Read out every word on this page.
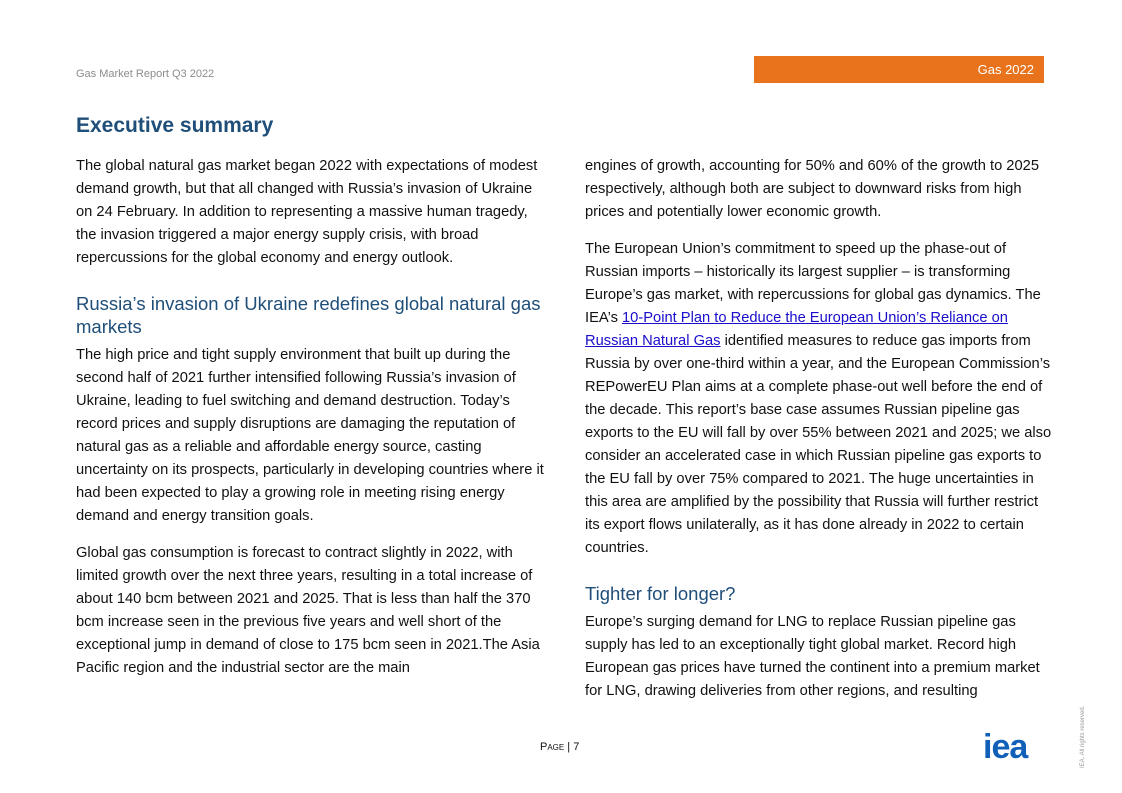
Gas Market Report Q3 2022	Gas 2022
Executive summary

The global natural gas market began 2022 with expectations of modest demand growth, but that all changed with Russia’s invasion of Ukraine on 24 February. In addition to representing a massive human tragedy, the invasion triggered a major energy supply crisis, with broad repercussions for the global economy and energy outlook.

Russia’s invasion of Ukraine redefines global natural gas markets

The high price and tight supply environment that built up during the second half of 2021 further intensified following Russia’s invasion of Ukraine, leading to fuel switching and demand destruction. Today’s record prices and supply disruptions are damaging the reputation of natural gas as a reliable and affordable energy source, casting uncertainty on its prospects, particularly in developing countries where it had been expected to play a growing role in meeting rising energy demand and energy transition goals.

Global gas consumption is forecast to contract slightly in 2022, with limited growth over the next three years, resulting in a total increase of about 140 bcm between 2021 and 2025. That is less than half the 370 bcm increase seen in the previous five years and well short of the exceptional jump in demand of close to 175 bcm seen in 2021.The Asia Pacific region and the industrial sector are the main

engines of growth, accounting for 50% and 60% of the growth to 2025 respectively, although both are subject to downward risks from high prices and potentially lower economic growth.

The European Union’s commitment to speed up the phase-out of Russian imports – historically its largest supplier – is transforming Europe’s gas market, with repercussions for global gas dynamics. The IEA’s 10-Point Plan to Reduce the European Union’s Reliance on Russian Natural Gas identified measures to reduce gas imports from Russia by over one-third within a year, and the European Commission’s REPowerEU Plan aims at a complete phase-out well before the end of the decade. This report’s base case assumes Russian pipeline gas exports to the EU will fall by over 55% between 2021 and 2025; we also consider an accelerated case in which Russian pipeline gas exports to the EU fall by over 75% compared to 2021. The huge uncertainties in this area are amplified by the possibility that Russia will further restrict its export flows unilaterally, as it has done already in 2022 to certain countries.

Tighter for longer?

Europe’s surging demand for LNG to replace Russian pipeline gas supply has led to an exceptionally tight global market. Record high European gas prices have turned the continent into a premium market for LNG, drawing deliveries from other regions, and resulting

Page | 7	iea	IEA. All rights reserved.
